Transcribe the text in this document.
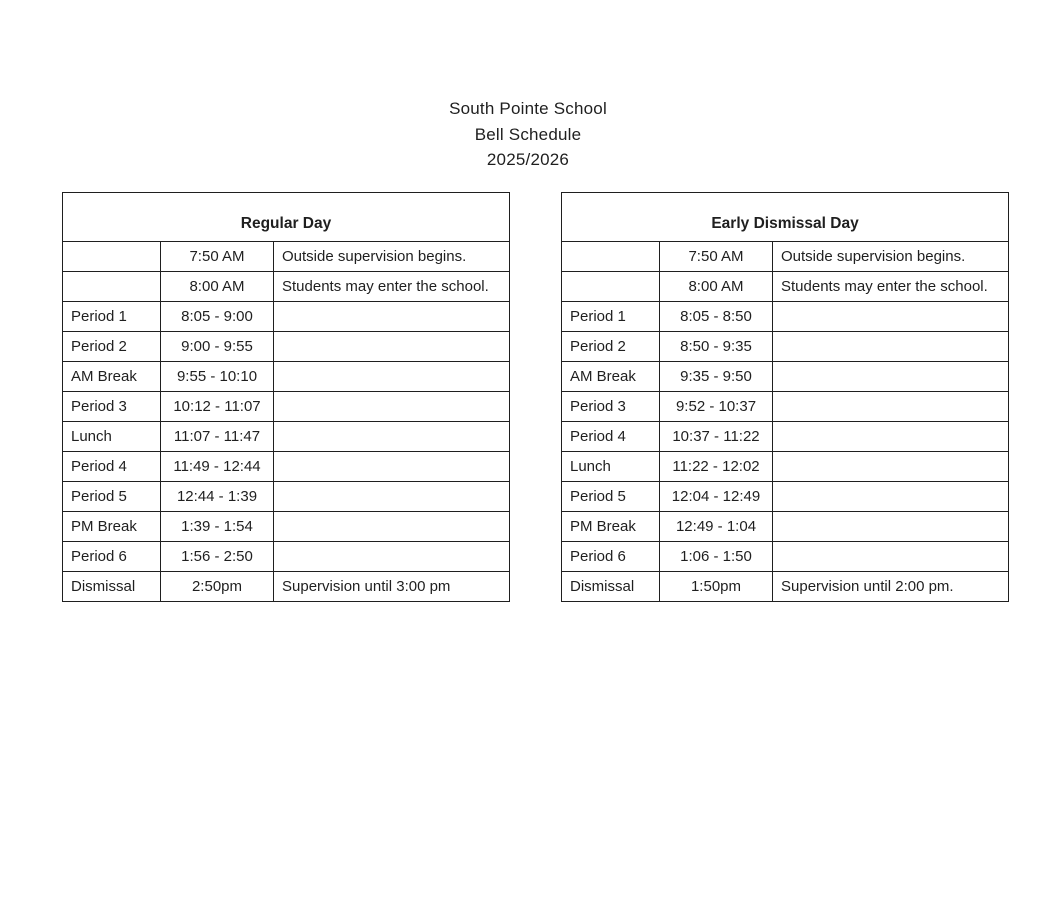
South Pointe School
Bell Schedule
2025/2026
Regular Day		
	7:50 AM	Outside supervision begins.
	8:00 AM	Students may enter the school.
Period 1	8:05 - 9:00	
Period 2	9:00 - 9:55	
AM Break	9:55 - 10:10	
Period 3	10:12 - 11:07	
Lunch	11:07 - 11:47	
Period 4	11:49 - 12:44	
Period 5	12:44 - 1:39	
PM Break	1:39 - 1:54	
Period 6	1:56 - 2:50	
Dismissal	2:50pm	Supervision until 3:00 pm
Early Dismissal Day		
	7:50 AM	Outside supervision begins.
	8:00 AM	Students may enter the school.
Period 1	8:05 - 8:50	
Period 2	8:50 - 9:35	
AM Break	9:35 - 9:50	
Period 3	9:52 - 10:37	
Period 4	10:37 - 11:22	
Lunch	11:22 - 12:02	
Period 5	12:04 - 12:49	
PM Break	12:49 - 1:04	
Period 6	1:06 - 1:50	
Dismissal	1:50pm	Supervision until 2:00 pm.
